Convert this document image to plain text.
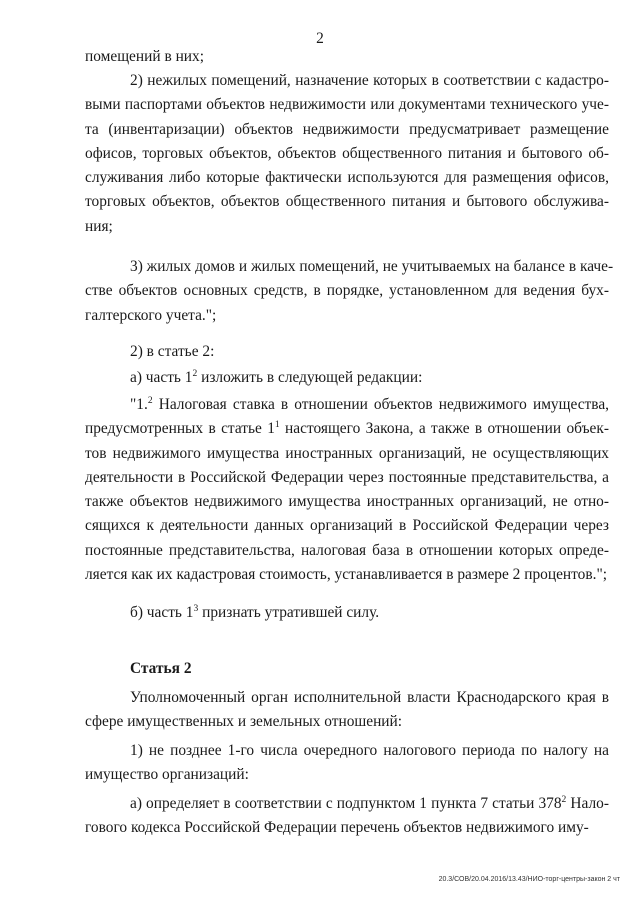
2
помещений в них;
2) нежилых помещений, назначение которых в соответствии с кадастро-
выми паспортами объектов недвижимости или документами технического уче-
та (инвентаризации) объектов недвижимости предусматривает размещение
офисов, торговых объектов, объектов общественного питания и бытового об-
служивания либо которые фактически используются для размещения офисов,
торговых объектов, объектов общественного питания и бытового обслужива-
ния;
3) жилых домов и жилых помещений, не учитываемых на балансе в каче-
стве объектов основных средств, в порядке, установленном для ведения бух-
галтерского учета.";
2) в статье 2:
а) часть $1^2$ изложить в следующей редакции:
"1.$^2$ Налоговая ставка в отношении объектов недвижимого имущества,
предусмотренных в статье $1^1$ настоящего Закона, а также в отношении объек-
тов недвижимого имущества иностранных организаций, не осуществляющих
деятельности в Российской Федерации через постоянные представительства, а
также объектов недвижимого имущества иностранных организаций, не отно-
сящихся к деятельности данных организаций в Российской Федерации через
постоянные представительства, налоговая база в отношении которых опреде-
ляется как их кадастровая стоимость, устанавливается в размере 2 процентов.";
б) часть $1^3$ признать утратившей силу.
Статья 2
Уполномоченный орган исполнительной власти Краснодарского края в
сфере имущественных и земельных отношений:
1) не позднее 1-го числа очередного налогового периода по налогу на
имущество организаций:
а) определяет в соответствии с подпунктом 1 пункта 7 статьи $378^2$ Нало-
гового кодекса Российской Федерации перечень объектов недвижимого иму-
20.3/СОВ/20.04.2016/13.43/НИО-торг-центры-закон 2 чт
